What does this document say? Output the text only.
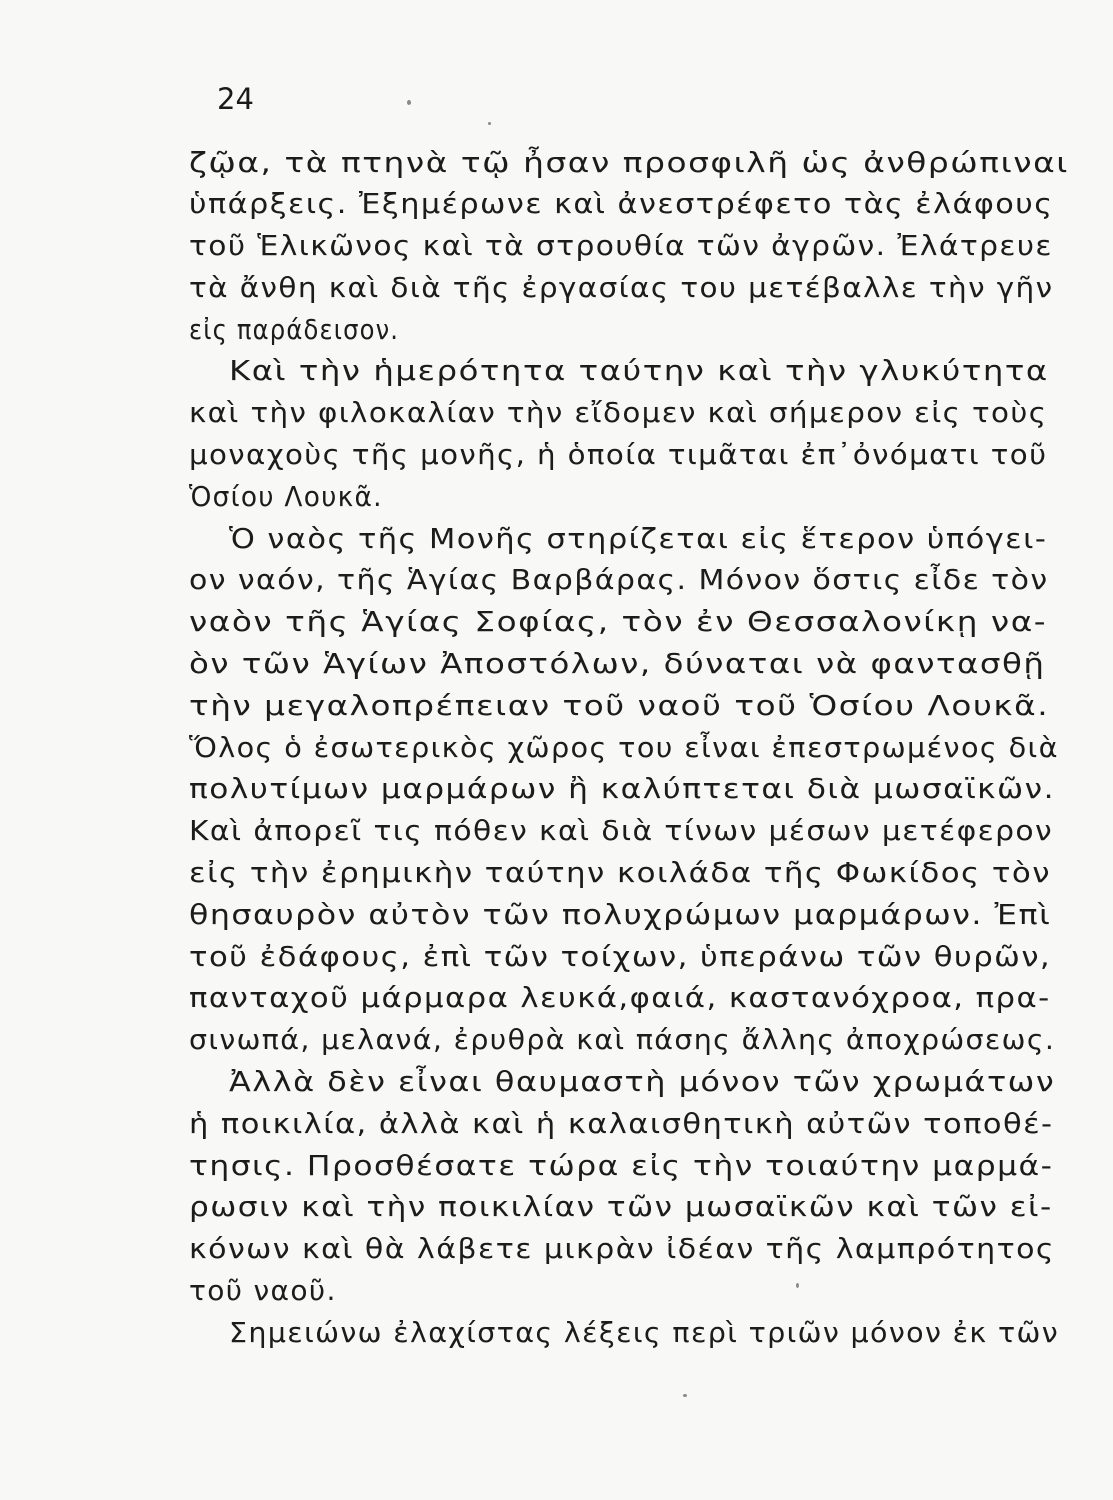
24

ζῷα, τὰ πτηνὰ τῷ ἦσαν προσφιλῆ ὡς ἀνθρώπιναι

ὑπάρξεις. Ἐξημέρωνε καὶ ἀνεστρέφετο τὰς ἐλάφους

τοῦ Ἑλικῶνος καὶ τὰ στρουθία τῶν ἀγρῶν. Ἐλάτρευε

τὰ ἄνθη καὶ διὰ τῆς ἐργασίας του μετέβαλλε τὴν γῆν

εἰς παράδεισον.

Καὶ τὴν ἡμερότητα ταύτην καὶ τὴν γλυκύτητα

καὶ τὴν φιλοκαλίαν τὴν εἴδομεν καὶ σήμερον εἰς τοὺς

μοναχοὺς τῆς μονῆς, ἡ ὁποία τιμᾶται ἐπ᾽ὀνόματι τοῦ

Ὁσίου Λουκᾶ.

Ὁ ναὸς τῆς Μονῆς στηρίζεται εἰς ἕτερον ὑπόγει-

ον ναόν, τῆς Ἁγίας Βαρβάρας. Μόνον ὅστις εἶδε τὸν

ναὸν τῆς Ἁγίας Σοφίας, τὸν ἐν Θεσσαλονίκῃ να-

ὸν τῶν Ἁγίων Ἀποστόλων, δύναται νὰ φαντασθῇ

τὴν μεγαλοπρέπειαν τοῦ ναοῦ τοῦ Ὁσίου Λουκᾶ.

Ὅλος ὁ ἐσωτερικὸς χῶρος του εἶναι ἐπεστρωμένος διὰ

πολυτίμων μαρμάρων ἢ καλύπτεται διὰ μωσαϊκῶν.

Καὶ ἀπορεῖ τις πόθεν καὶ διὰ τίνων μέσων μετέφερον

εἰς τὴν ἐρημικὴν ταύτην κοιλάδα τῆς Φωκίδος τὸν

θησαυρὸν αὐτὸν τῶν πολυχρώμων μαρμάρων. Ἐπὶ

τοῦ ἐδάφους, ἐπὶ τῶν τοίχων, ὑπεράνω τῶν θυρῶν,

πανταχοῦ μάρμαρα λευκά,φαιά, καστανόχροα, πρα-

σινωπά, μελανά, ἐρυθρὰ καὶ πάσης ἄλλης ἀποχρώσεως.

Ἀλλὰ δὲν εἶναι θαυμαστὴ μόνον τῶν χρωμάτων

ἡ ποικιλία, ἀλλὰ καὶ ἡ καλαισθητικὴ αὐτῶν τοποθέ-

τησις. Προσθέσατε τώρα εἰς τὴν τοιαύτην μαρμά-

ρωσιν καὶ τὴν ποικιλίαν τῶν μωσαϊκῶν καὶ τῶν εἰ-

κόνων καὶ θὰ λάβετε μικρὰν ἰδέαν τῆς λαμπρότητος

τοῦ ναοῦ.

Σημειώνω ἐλαχίστας λέξεις περὶ τριῶν μόνον ἐκ τῶν
